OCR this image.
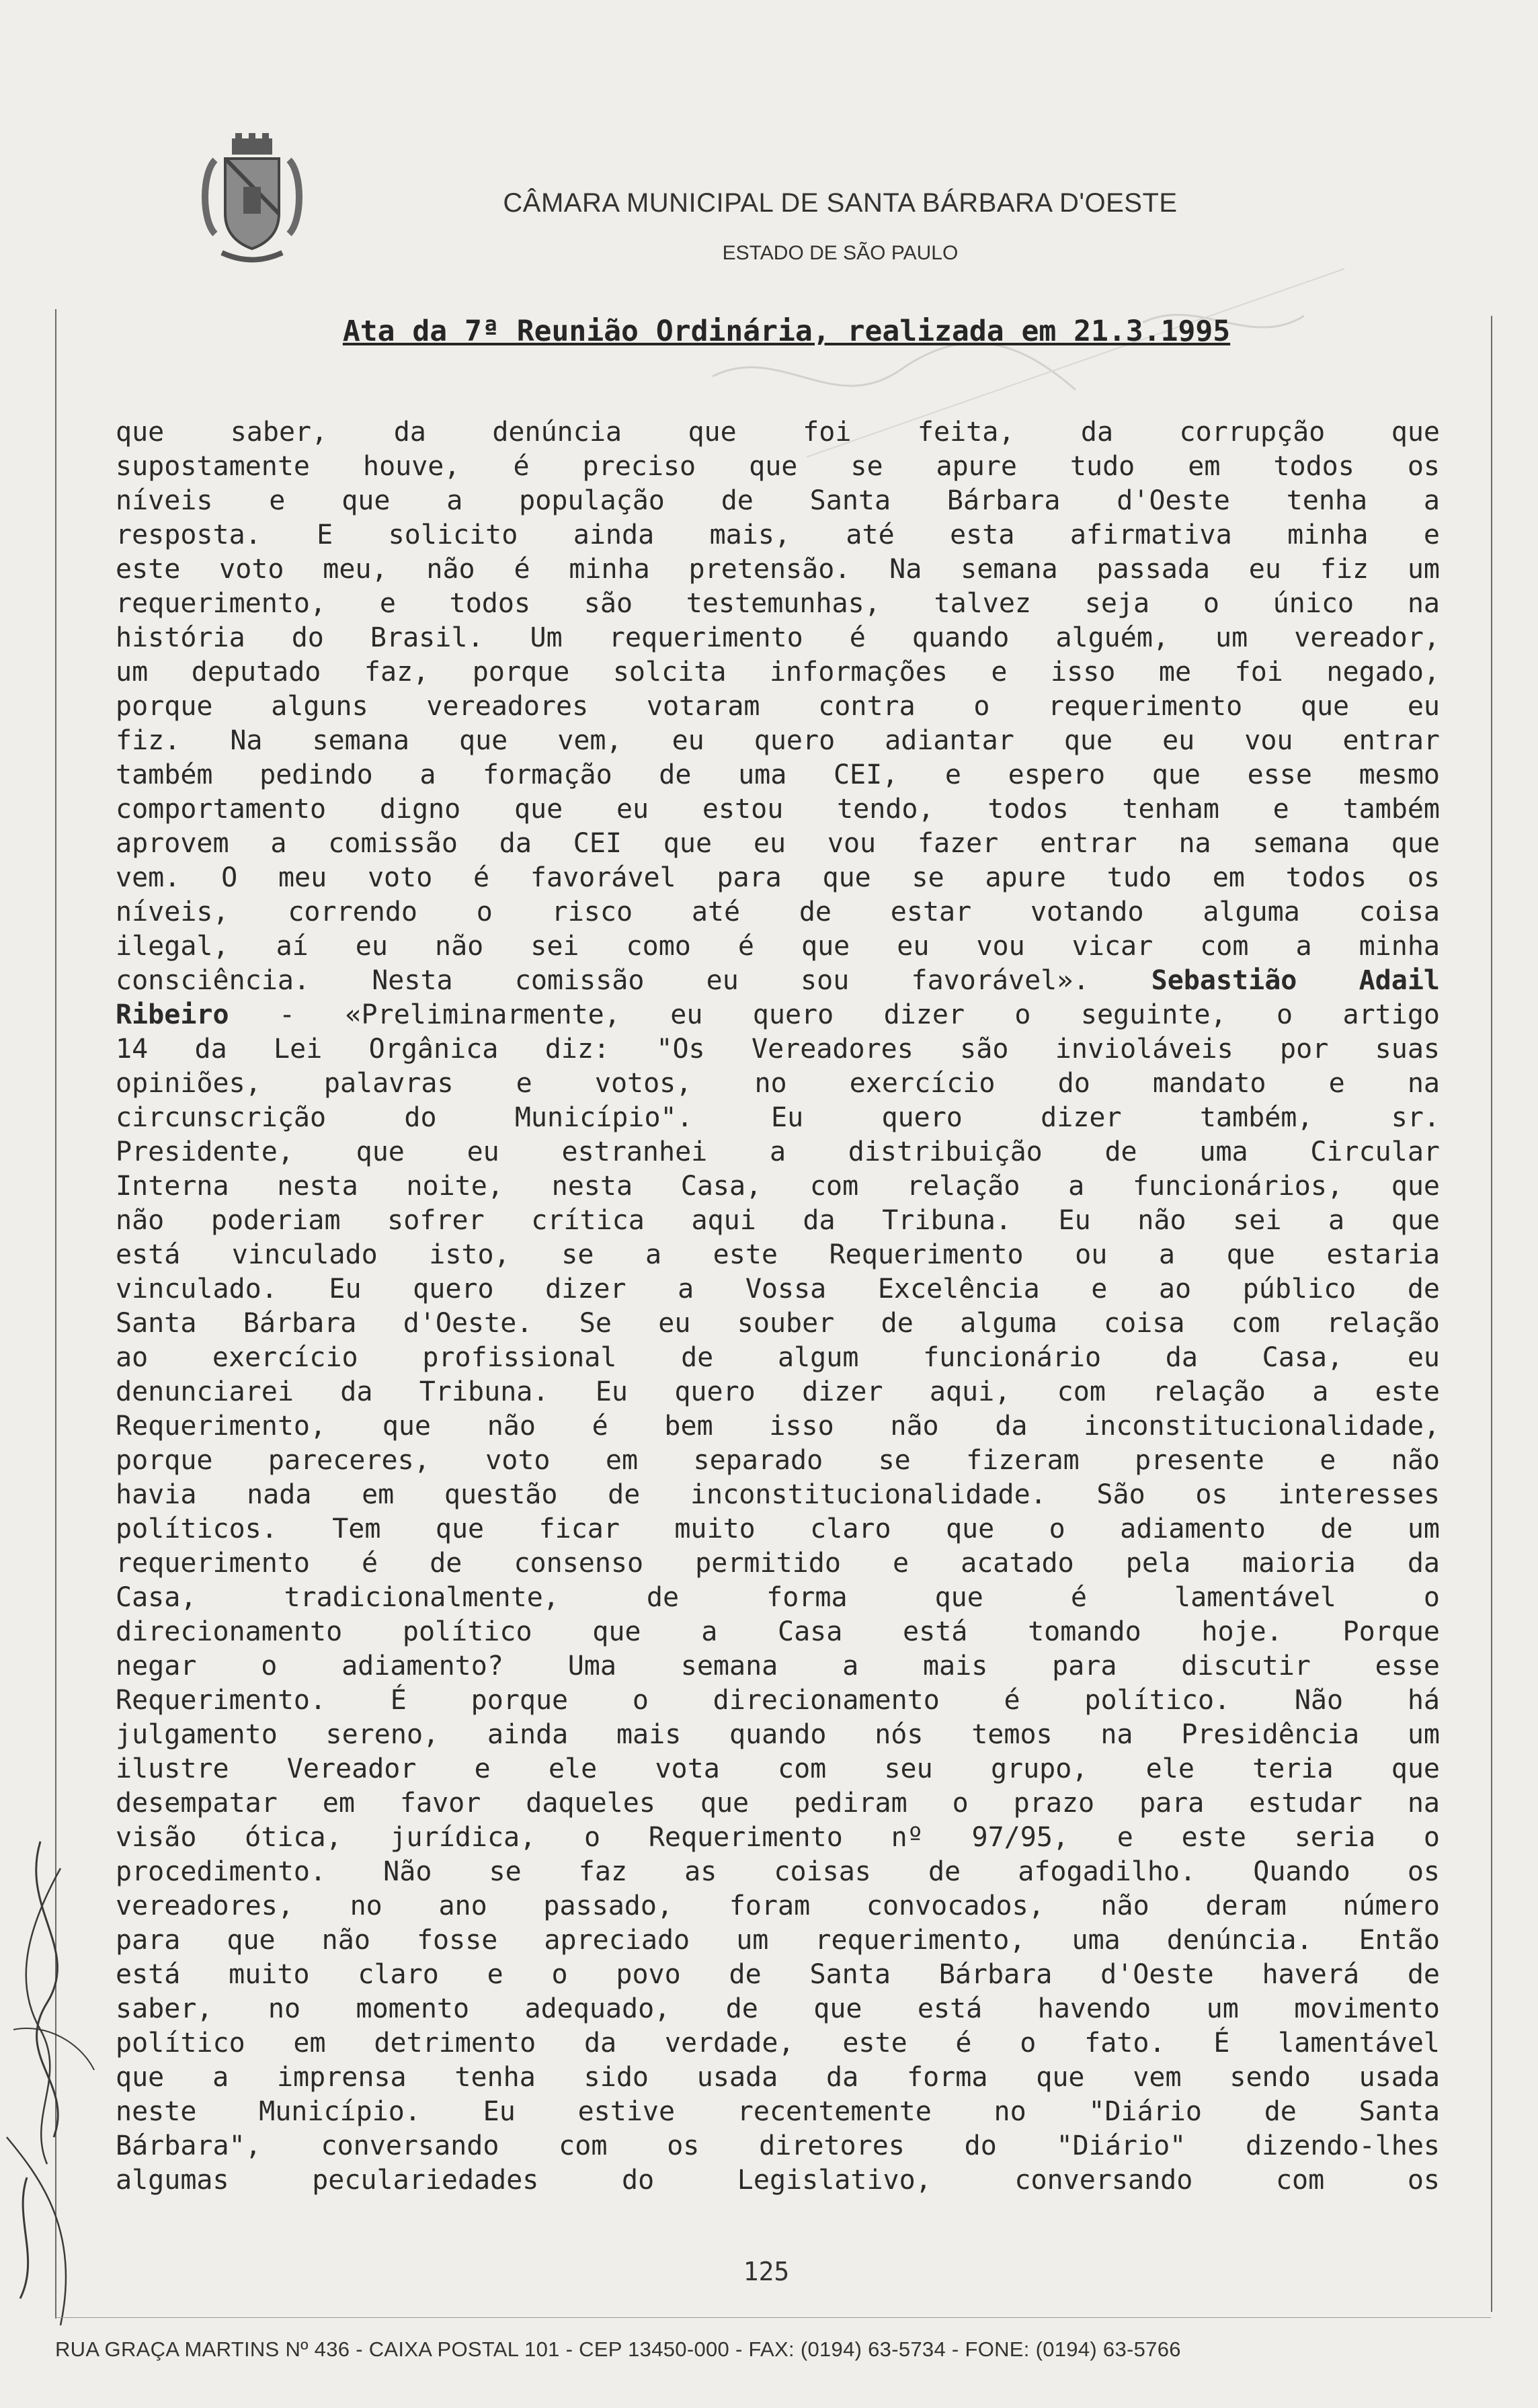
CÂMARA MUNICIPAL DE SANTA BÁRBARA D'OESTE
ESTADO DE SÃO PAULO
Ata da 7ª Reunião Ordinária, realizada em 21.3.1995
que saber, da denúncia que foi feita, da corrupção que
supostamente houve, é preciso que se apure tudo em todos os
níveis e que a população de Santa Bárbara d'Oeste tenha a
resposta. E solicito ainda mais, até esta afirmativa minha e
este voto meu, não é minha pretensão. Na semana passada eu fiz um
requerimento, e todos são testemunhas, talvez seja o único na
história do Brasil. Um requerimento é quando alguém, um vereador,
um deputado faz, porque solcita informações e isso me foi negado,
porque alguns vereadores votaram contra o requerimento que eu
fiz. Na semana que vem, eu quero adiantar que eu vou entrar
também pedindo a formação de uma CEI, e espero que esse mesmo
comportamento digno que eu estou tendo, todos tenham e também
aprovem a comissão da CEI que eu vou fazer entrar na semana que
vem. O meu voto é favorável para que se apure tudo em todos os
níveis, correndo o risco até de estar votando alguma coisa
ilegal, aí eu não sei como é que eu vou vicar com a minha
consciência. Nesta comissão eu sou favorável». Sebastião Adail
Ribeiro - «Preliminarmente, eu quero dizer o seguinte, o artigo
14 da Lei Orgânica diz: "Os Vereadores são invioláveis por suas
opiniões, palavras e votos, no exercício do mandato e na
circunscrição do Município". Eu quero dizer também, sr.
Presidente, que eu estranhei a distribuição de uma Circular
Interna nesta noite, nesta Casa, com relação a funcionários, que
não poderiam sofrer crítica aqui da Tribuna. Eu não sei a que
está vinculado isto, se a este Requerimento ou a que estaria
vinculado. Eu quero dizer a Vossa Excelência e ao público de
Santa Bárbara d'Oeste. Se eu souber de alguma coisa com relação
ao exercício profissional de algum funcionário da Casa, eu
denunciarei da Tribuna. Eu quero dizer aqui, com relação a este
Requerimento, que não é bem isso não da inconstitucionalidade,
porque pareceres, voto em separado se fizeram presente e não
havia nada em questão de inconstitucionalidade. São os interesses
políticos. Tem que ficar muito claro que o adiamento de um
requerimento é de consenso permitido e acatado pela maioria da
Casa, tradicionalmente, de forma que é lamentável o
direcionamento político que a Casa está tomando hoje. Porque
negar o adiamento? Uma semana a mais para discutir esse
Requerimento. É porque o direcionamento é político. Não há
julgamento sereno, ainda mais quando nós temos na Presidência um
ilustre Vereador e ele vota com seu grupo, ele teria que
desempatar em favor daqueles que pediram o prazo para estudar na
visão ótica, jurídica, o Requerimento nº 97/95, e este seria o
procedimento. Não se faz as coisas de afogadilho. Quando os
vereadores, no ano passado, foram convocados, não deram número
para que não fosse apreciado um requerimento, uma denúncia. Então
está muito claro e o povo de Santa Bárbara d'Oeste haverá de
saber, no momento adequado, de que está havendo um movimento
político em detrimento da verdade, este é o fato. É lamentável
que a imprensa tenha sido usada da forma que vem sendo usada
neste Município. Eu estive recentemente no "Diário de Santa
Bárbara", conversando com os diretores do "Diário" dizendo-lhes
algumas peculariedades do Legislativo, conversando com os
125
RUA GRAÇA MARTINS Nº 436 - CAIXA POSTAL 101 - CEP 13450-000 - FAX: (0194) 63-5734 - FONE: (0194) 63-5766
